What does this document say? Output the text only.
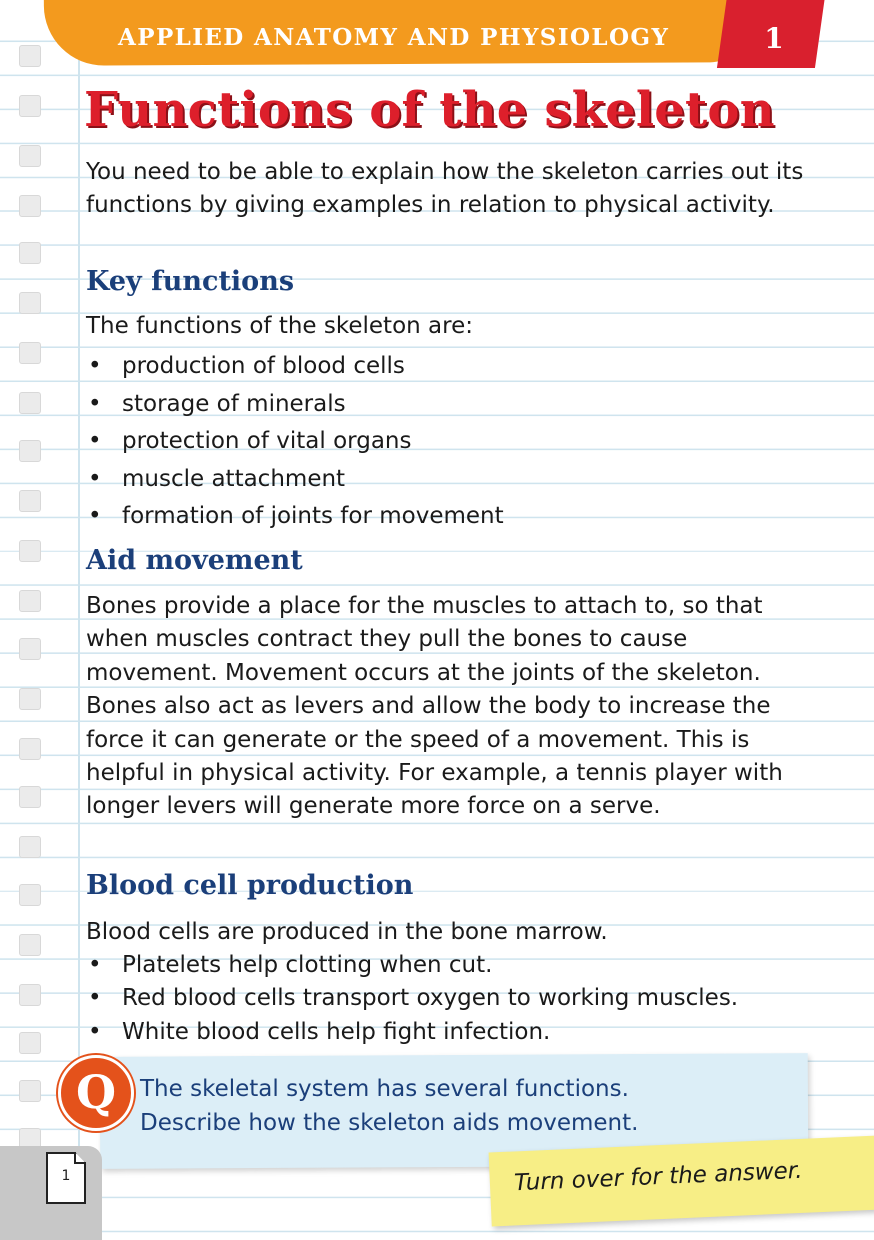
APPLIED ANATOMY AND PHYSIOLOGY	1
Functions of the skeleton

You need to be able to explain how the skeleton carries out its functions by giving examples in relation to physical activity.

Key functions

The functions of the skeleton are:

• production of blood cells
• storage of minerals
• protection of vital organs
• muscle attachment
• formation of joints for movement
Aid movement

Bones provide a place for the muscles to attach to, so that when muscles contract they pull the bones to cause movement. Movement occurs at the joints of the skeleton. Bones also act as levers and allow the body to increase the force it can generate or the speed of a movement. This is helpful in physical activity. For example, a tennis player with longer levers will generate more force on a serve.

Blood cell production

Blood cells are produced in the bone marrow.

• Platelets help clotting when cut.
• Red blood cells transport oxygen to working muscles.
• White blood cells help fight infection.
Q	The skeletal system has several functions.
Describe how the skeleton aids movement.
1	Turn over for the answer.
